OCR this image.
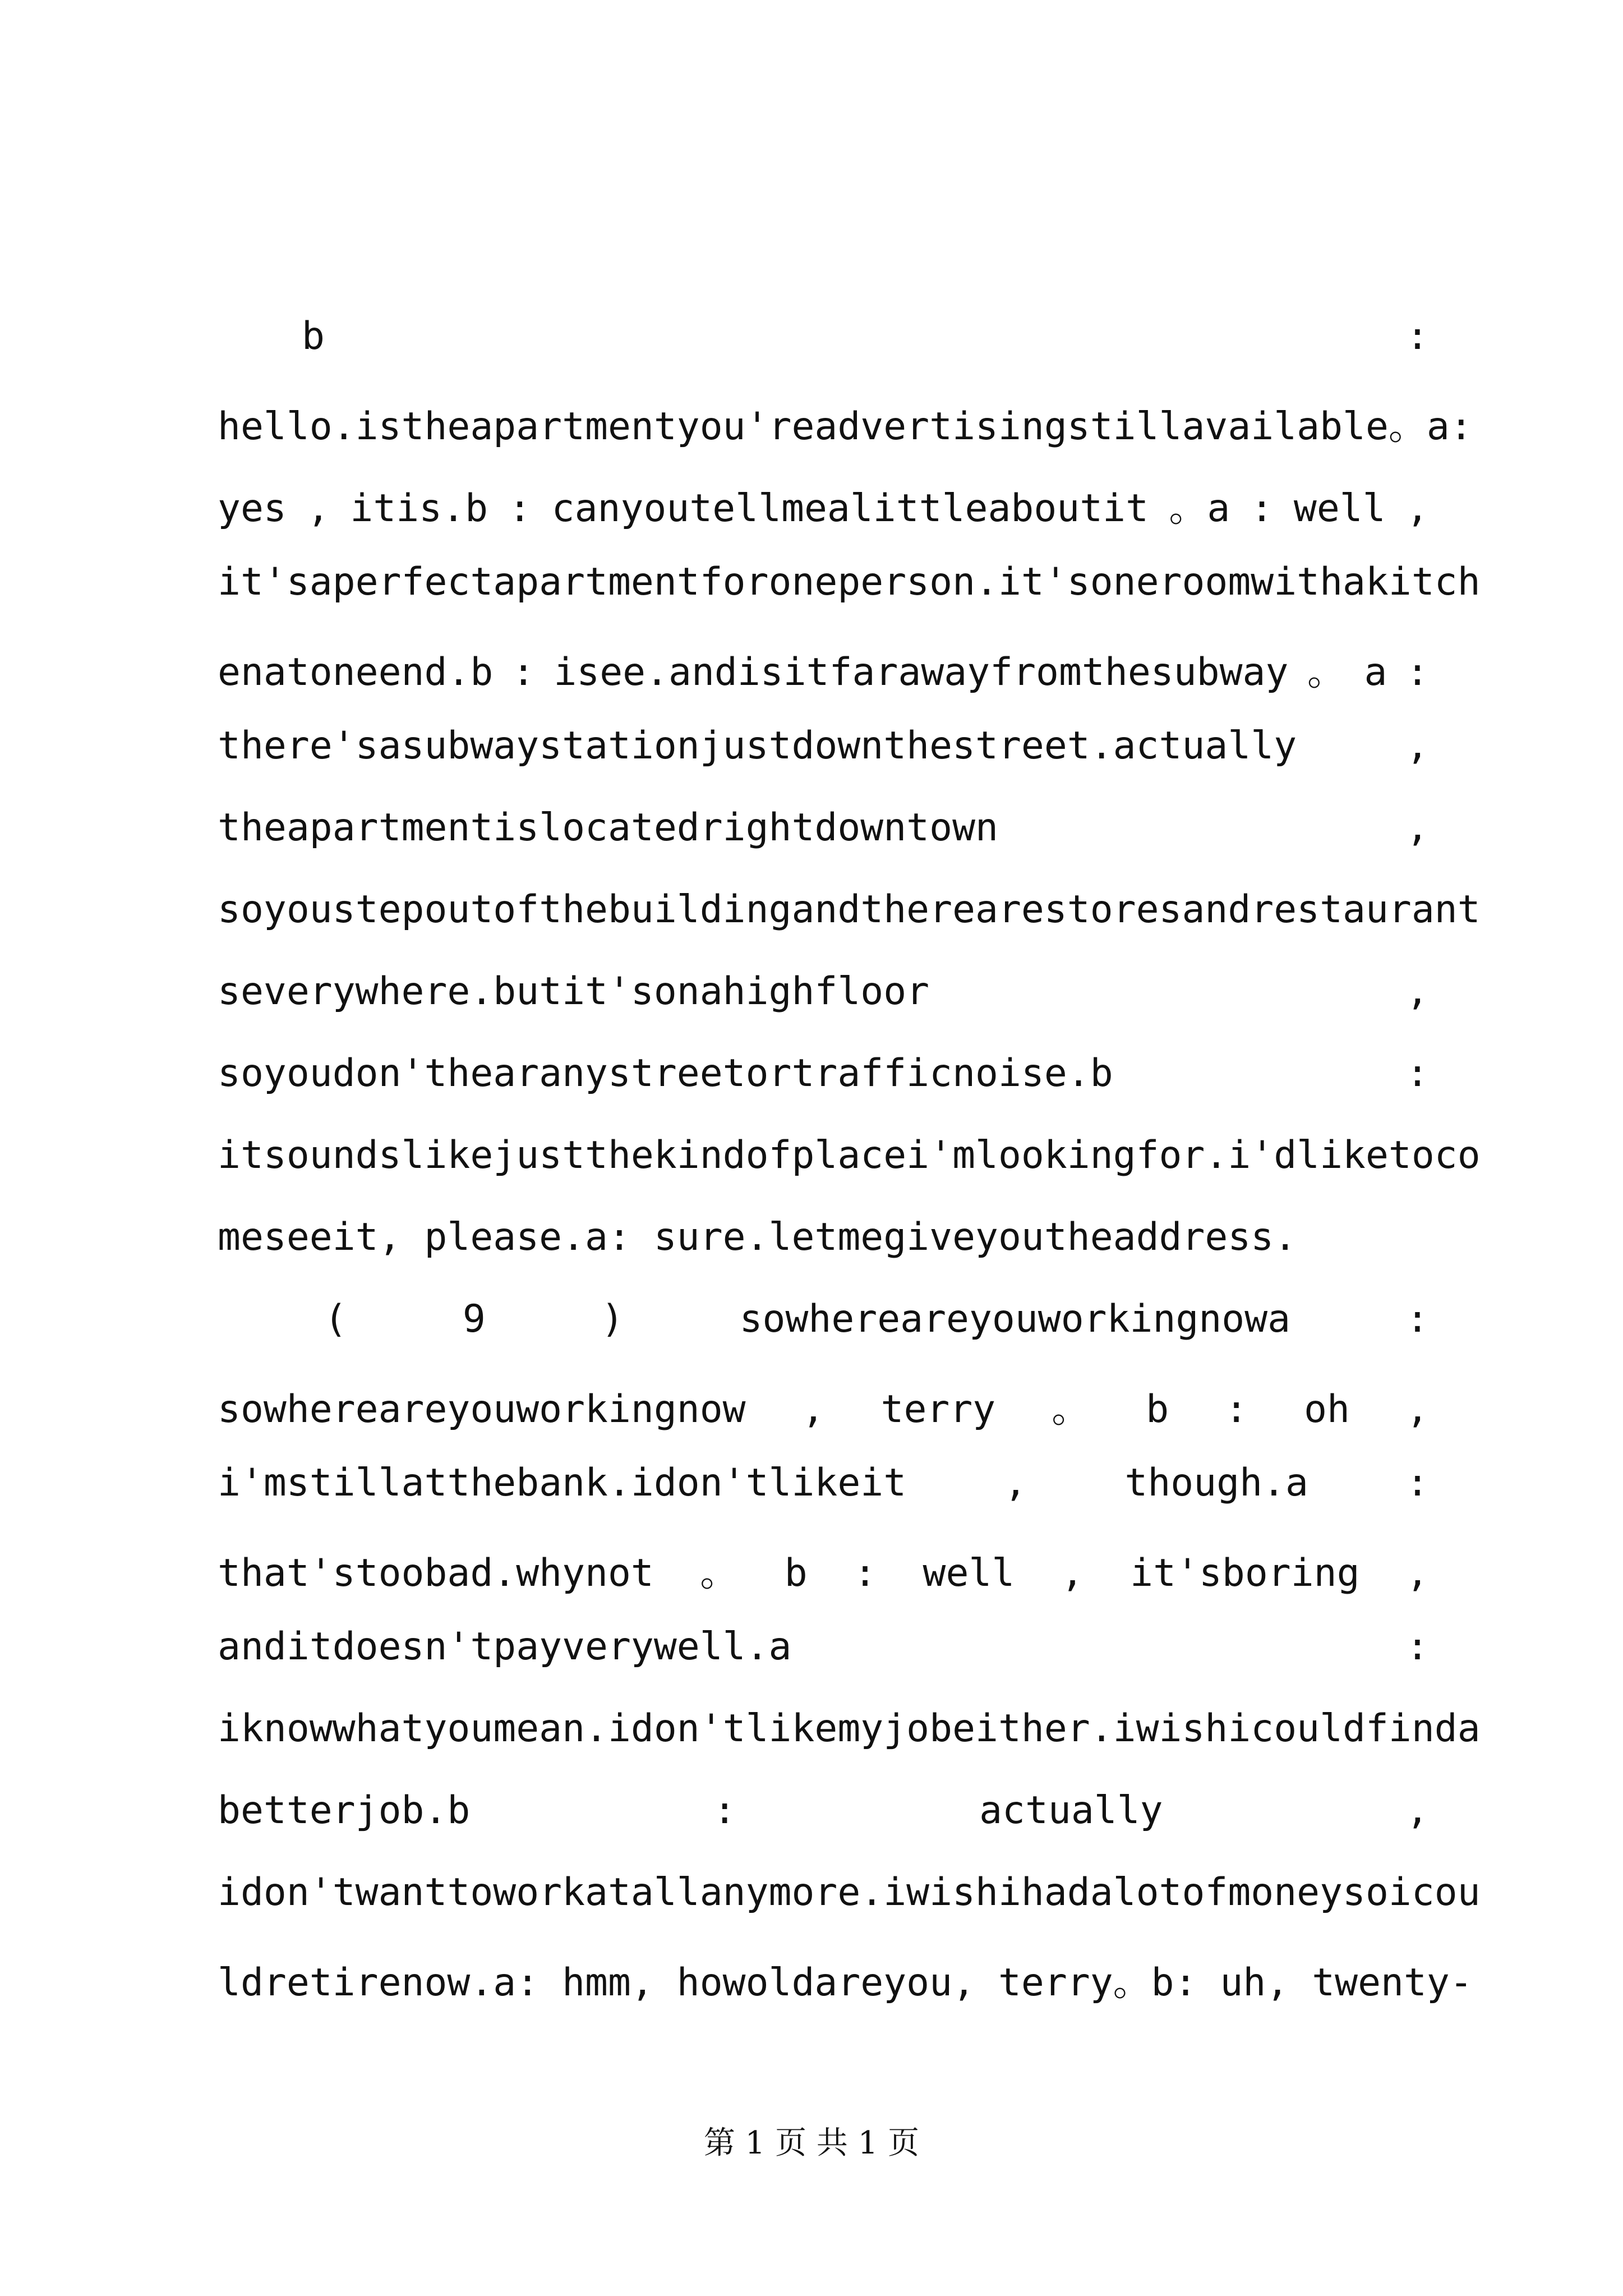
b	:
hello.istheapartmentyou'readvertisingstillavailable 。a:
yes , itis.b : canyoutellmealittleaboutit 。a : well ,
it'saperfectapartmentforoneperson.it'soneroomwithakitch
enatoneend.b : isee.andisitfarawayfromthesubway 。 a :
there'sasubwaystationjustdownthestreet.actually	,
theapartmentislocatedrightdowntown	,
soyoustepoutofthebuildingandtherearestoresandrestaurant
severywhere.butit'sonahighfloor	,
soyoudon'thearanystreetortrafficnoise.b	:
itsoundslikejustthekindofplacei'mlookingfor.i'dliketoco
meseeit, please.a: sure.letmegiveyoutheaddress.
(	9	)	sowhereareyouworkingnowa	:
sowhereareyouworkingnow , terry 。 b : oh ,
i'mstillatthebank.idon'tlikeit	,	though.a	:
that'stoobad.whynot 。 b : well , it'sboring ,
anditdoesn'tpayverywell.a	:
iknowwhatyoumean.idon'tlikemyjobeither.iwishicouldfinda
betterjob.b	:	actually	,
idon'twanttoworkatallanymore.iwishihadalotofmoneysoicou
ldretirenow.a: hmm, howoldareyou, terry。b: uh, twenty-
第 1 页 共 1 页
